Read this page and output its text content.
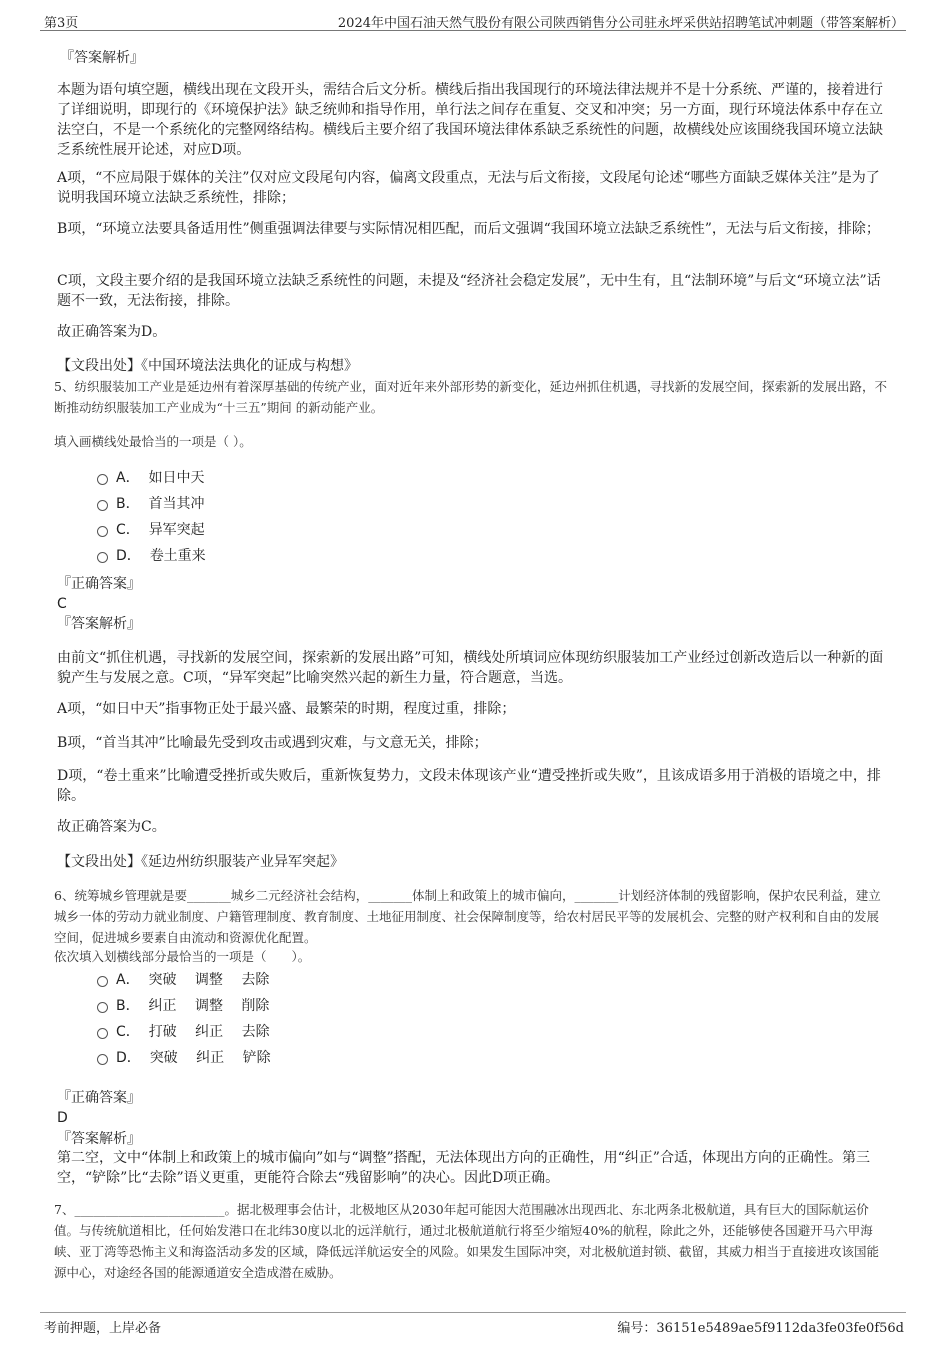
第3页	2024年中国石油天然气股份有限公司陕西销售分公司驻永坪采供站招聘笔试冲刺题（带答案解析）

『答案解析』

本题为语句填空题，横线出现在文段开头，需结合后文分析。横线后指出我国现行的环境法律法规并不是十分系统、严谨的，接着进行了详细说明，即现行的《环境保护法》缺乏统帅和指导作用，单行法之间存在重复、交叉和冲突；另一方面，现行环境法体系中存在立法空白，不是一个系统化的完整网络结构。横线后主要介绍了我国环境法律体系缺乏系统性的问题，故横线处应该围绕我国环境立法缺乏系统性展开论述，对应D项。

A项，“不应局限于媒体的关注”仅对应文段尾句内容，偏离文段重点，无法与后文衔接，文段尾句论述“哪些方面缺乏媒体关注”是为了说明我国环境立法缺乏系统性，排除；

B项，“环境立法要具备适用性”侧重强调法律要与实际情况相匹配，而后文强调“我国环境立法缺乏系统性”，无法与后文衔接，排除；

C项，文段主要介绍的是我国环境立法缺乏系统性的问题，未提及“经济社会稳定发展”，无中生有，且“法制环境”与后文“环境立法”话题不一致，无法衔接，排除。

故正确答案为D。

【文段出处】《中国环境法法典化的证成与构想》

5、纺织服装加工产业是延边州有着深厚基础的传统产业，面对近年来外部形势的新变化，延边州抓住机遇，寻找新的发展空间，探索新的发展出路，不断推动纺织服装加工产业成为“十三五”期间 的新动能产业。

填入画横线处最恰当的一项是（ ）。

A． 如日中天
B． 首当其冲
C． 异军突起
D． 卷土重来

『正确答案』

C

『答案解析』

由前文“抓住机遇，寻找新的发展空间，探索新的发展出路”可知，横线处所填词应体现纺织服装加工产业经过创新改造后以一种新的面貌产生与发展之意。C项，“异军突起”比喻突然兴起的新生力量，符合题意，当选。

A项，“如日中天”指事物正处于最兴盛、最繁荣的时期，程度过重，排除；

B项，“首当其冲”比喻最先受到攻击或遇到灾难，与文意无关，排除；

D项，“卷土重来”比喻遭受挫折或失败后，重新恢复势力，文段未体现该产业“遭受挫折或失败”，且该成语多用于消极的语境之中，排除。

故正确答案为C。

【文段出处】《延边州纺织服装产业异军突起》

6、统筹城乡管理就是要_______城乡二元经济社会结构，_______体制上和政策上的城市偏向，_______计划经济体制的残留影响，保护农民利益，建立城乡一体的劳动力就业制度、户籍管理制度、教育制度、土地征用制度、社会保障制度等，给农村居民平等的发展机会、完整的财产权利和自由的发展空间，促进城乡要素自由流动和资源优化配置。

依次填入划横线部分最恰当的一项是（　　）。

A． 突破　 调整　 去除
B． 纠正　 调整　 削除
C． 打破　 纠正　 去除
D． 突破　 纠正　 铲除

『正确答案』

D

『答案解析』

第二空，文中“体制上和政策上的城市偏向”如与“调整”搭配，无法体现出方向的正确性，用“纠正”合适，体现出方向的正确性。第三空，“铲除”比“去除”语义更重，更能符合除去“残留影响”的决心。因此D项正确。

7、________________________。据北极理事会估计，北极地区从2030年起可能因大范围融冰出现西北、东北两条北极航道，具有巨大的国际航运价值。与传统航道相比，任何始发港口在北纬30度以北的远洋航行，通过北极航道航行将至少缩短40%的航程，除此之外，还能够使各国避开马六甲海峡、亚丁湾等恐怖主义和海盗活动多发的区域，降低远洋航运安全的风险。如果发生国际冲突，对北极航道封锁、截留，其威力相当于直接进攻该国能源中心，对途经各国的能源通道安全造成潜在威胁。

考前押题，上岸必备	编号：36151e5489ae5f9112da3fe03fe0f56d
